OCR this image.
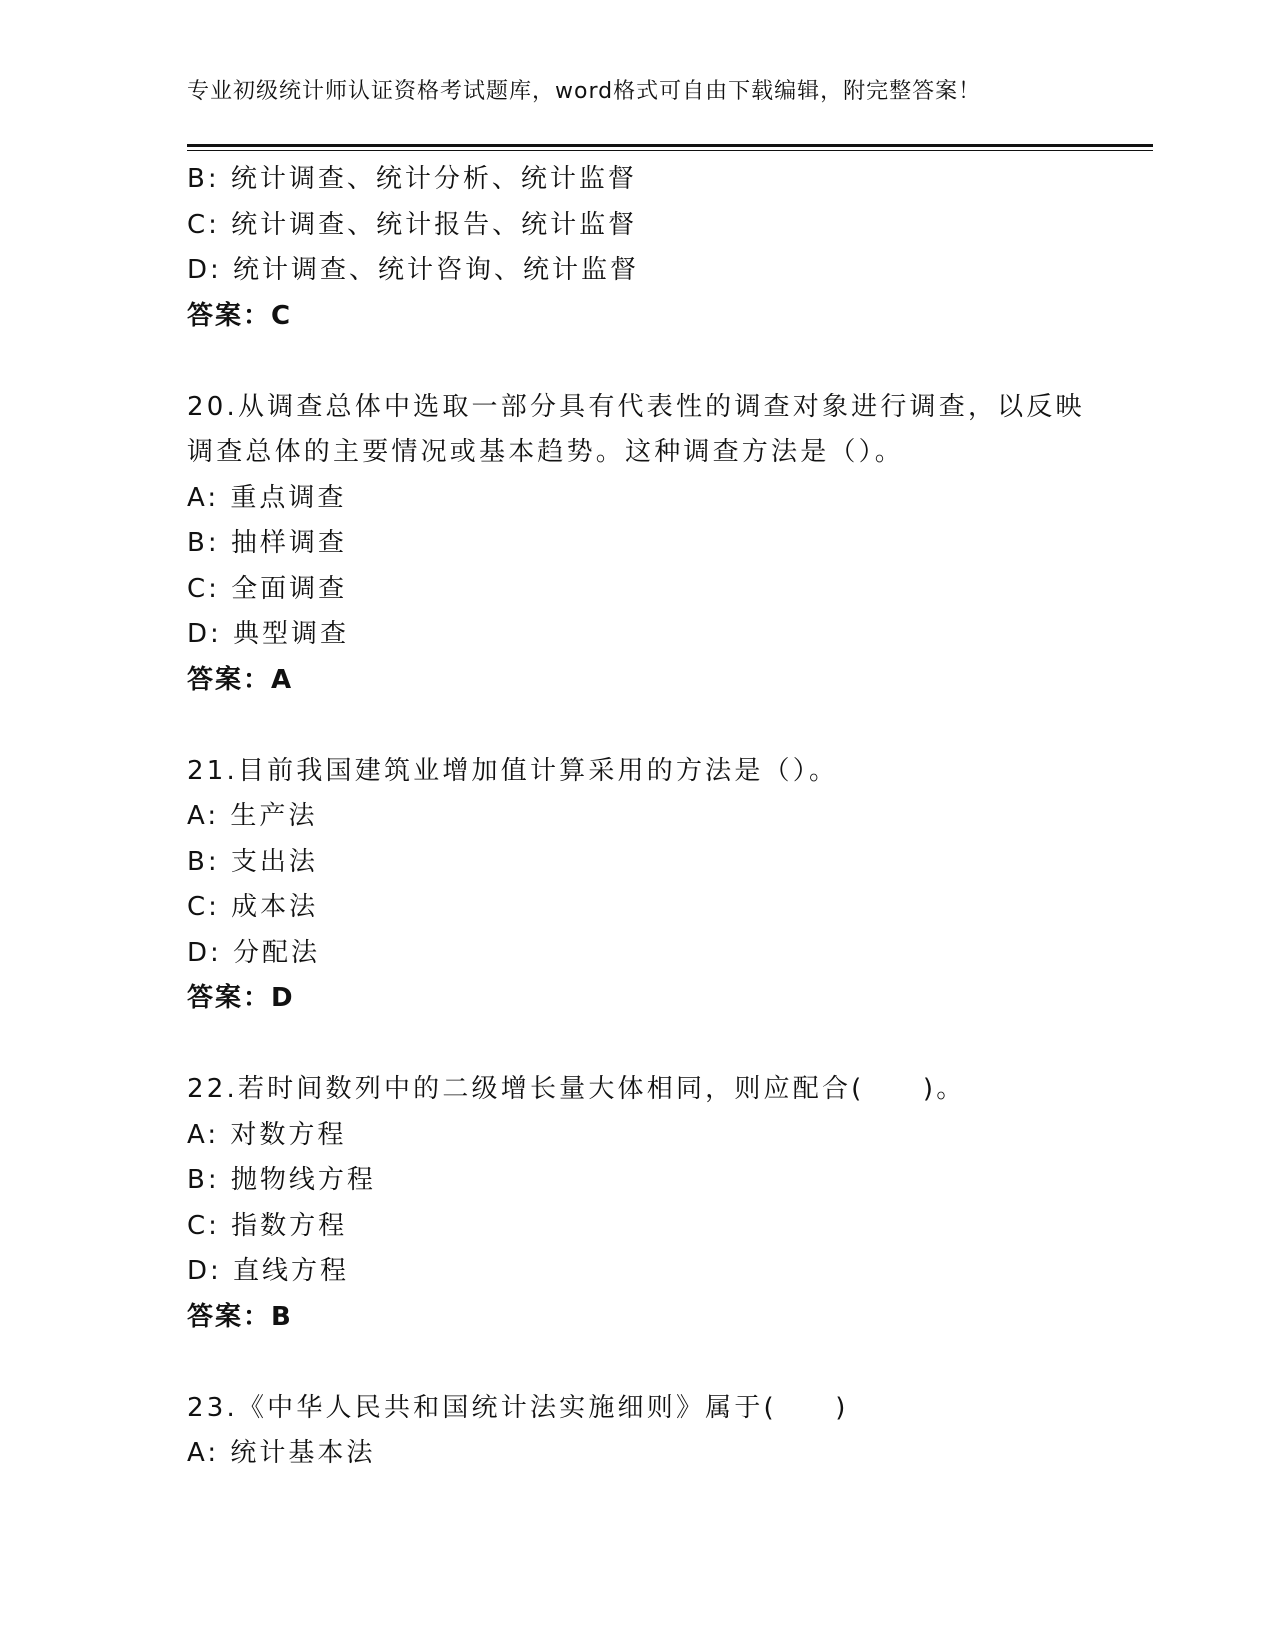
专业初级统计师认证资格考试题库，word格式可自由下载编辑，附完整答案！
B: 统计调查、统计分析、统计监督
C: 统计调查、统计报告、统计监督
D: 统计调查、统计咨询、统计监督
答案：C
20.从调查总体中选取一部分具有代表性的调查对象进行调查，以反映
调查总体的主要情况或基本趋势。这种调查方法是（）。
A: 重点调查
B: 抽样调查
C: 全面调查
D: 典型调查
答案：A
21.目前我国建筑业增加值计算采用的方法是（）。
A: 生产法
B: 支出法
C: 成本法
D: 分配法
答案：D
22.若时间数列中的二级增长量大体相同，则应配合(　　)。
A: 对数方程
B: 抛物线方程
C: 指数方程
D: 直线方程
答案：B
23.《中华人民共和国统计法实施细则》属于(　　)
A: 统计基本法
